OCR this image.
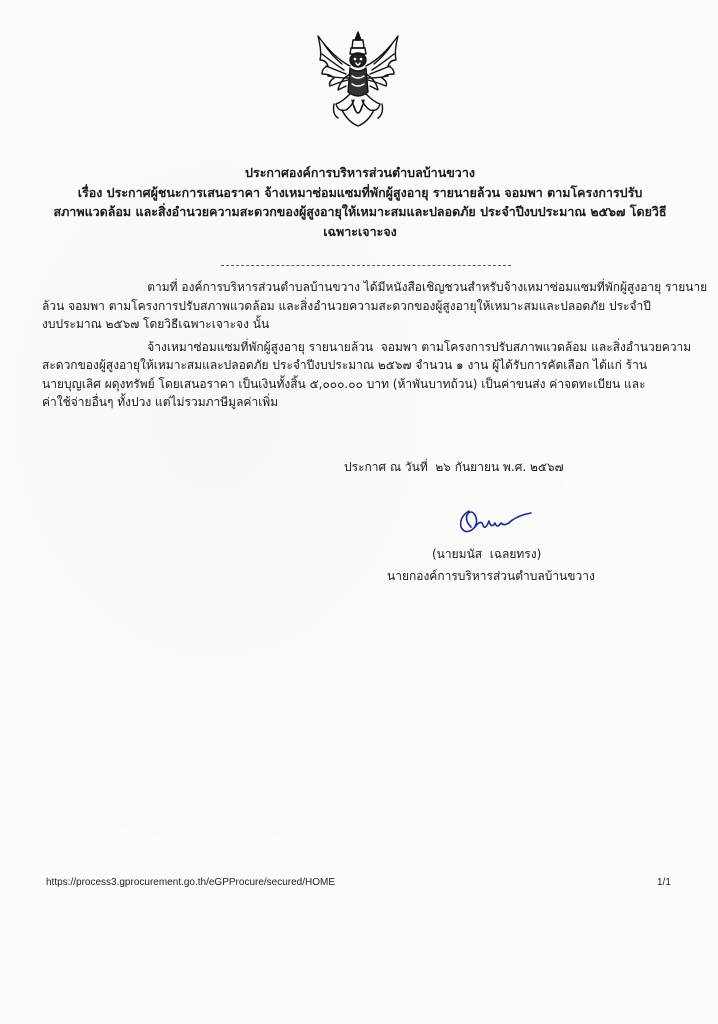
ประกาศองค์การบริหารส่วนตำบลบ้านขวาง
เรื่อง ประกาศผู้ชนะการเสนอราคา จ้างเหมาซ่อมแซมที่พักผู้สูงอายุ รายนายล้วน จอมพา ตามโครงการปรับ
สภาพแวดล้อม และสิ่งอำนวยความสะดวกของผู้สูงอายุให้เหมาะสมและปลอดภัย ประจำปีงบประมาณ ๒๕๖๗ โดยวิธี
เฉพาะเจาะจง
ตามที่ องค์การบริหารส่วนตำบลบ้านขวาง ได้มีหนังสือเชิญชวนสำหรับจ้างเหมาซ่อมแซมที่พักผู้สูงอายุ รายนาย
ล้วน จอมพา ตามโครงการปรับสภาพแวดล้อม และสิ่งอำนวยความสะดวกของผู้สูงอายุให้เหมาะสมและปลอดภัย ประจำปี
งบประมาณ ๒๕๖๗ โดยวิธีเฉพาะเจาะจง นั้น
จ้างเหมาซ่อมแซมที่พักผู้สูงอายุ รายนายล้วน  จอมพา ตามโครงการปรับสภาพแวดล้อม และสิ่งอำนวยความ
สะดวกของผู้สูงอายุให้เหมาะสมและปลอดภัย ประจำปีงบประมาณ ๒๕๖๗ จำนวน ๑ งาน ผู้ได้รับการคัดเลือก ได้แก่ ร้าน
นายบุญเลิศ ผดุงทรัพย์ โดยเสนอราคา เป็นเงินทั้งสิ้น ๕,๐๐๐.๐๐ บาท (ห้าพันบาทถ้วน) เป็นค่าขนส่ง ค่าจดทะเบียน และ
ค่าใช้จ่ายอื่นๆ ทั้งปวง แต่ไม่รวมภาษีมูลค่าเพิ่ม
ประกาศ ณ วันที่  ๒๖ กันยายน พ.ศ. ๒๕๖๗
(นายมนัส  เฉลยทรง)
นายกองค์การบริหารส่วนตำบลบ้านขวาง
https://process3.gprocurement.go.th/eGPProcure/secured/HOME	1/1
